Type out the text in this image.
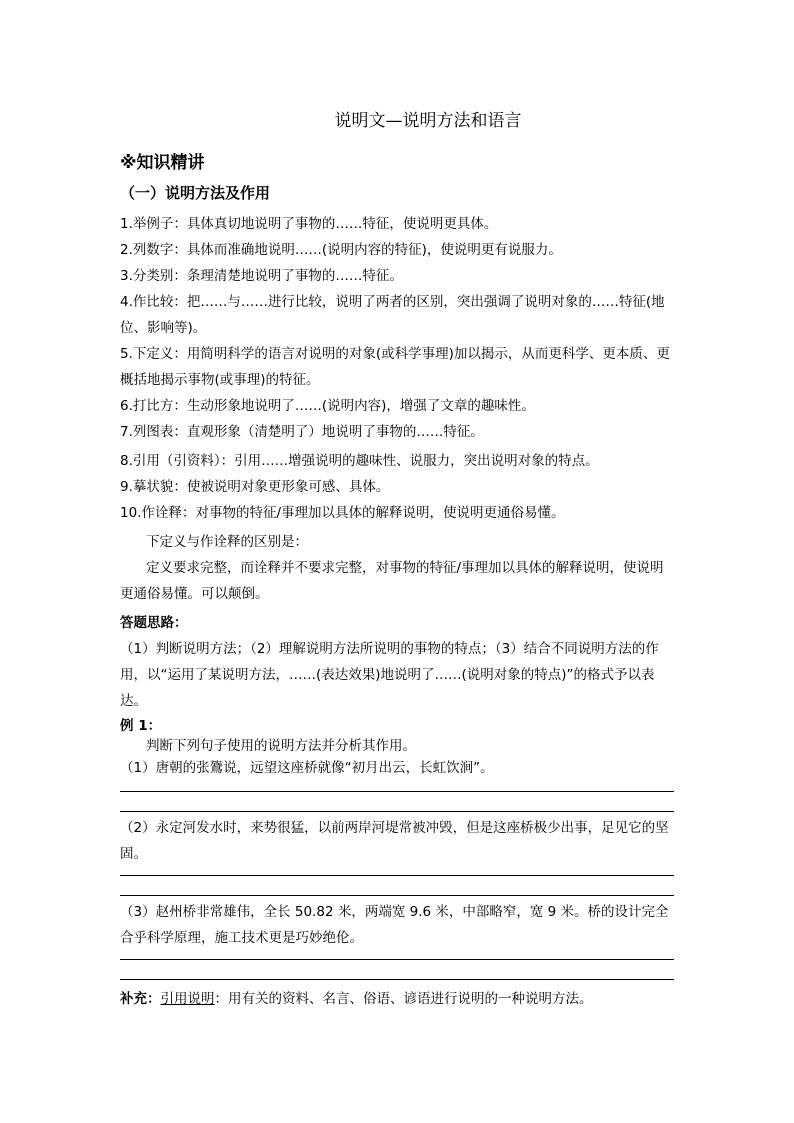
说明文—说明方法和语言
※知识精讲
（一）说明方法及作用
1.举例子：具体真切地说明了事物的……特征，使说明更具体。
2.列数字：具体而准确地说明……(说明内容的特征)，使说明更有说服力。
3.分类别：条理清楚地说明了事物的……特征。
4.作比较：把……与……进行比较，说明了两者的区别，突出强调了说明对象的……特征(地位、影响等)。
5.下定义：用简明科学的语言对说明的对象(或科学事理)加以揭示，从而更科学、更本质、更概括地揭示事物(或事理)的特征。
6.打比方：生动形象地说明了……(说明内容)，增强了文章的趣味性。
7.列图表：直观形象（清楚明了）地说明了事物的……特征。
8.引用（引资料）：引用……增强说明的趣味性、说服力，突出说明对象的特点。
9.摹状貌：使被说明对象更形象可感、具体。
10.作诠释：对事物的特征/事理加以具体的解释说明，使说明更通俗易懂。
下定义与作诠释的区别是：
定义要求完整，而诠释并不要求完整，对事物的特征/事理加以具体的解释说明，使说明更通俗易懂。可以颠倒。
答题思路：
（1）判断说明方法；（2）理解说明方法所说明的事物的特点；（3）结合不同说明方法的作用，以“运用了某说明方法，……(表达效果)地说明了……(说明对象的特点)”的格式予以表达。
例 1：
判断下列句子使用的说明方法并分析其作用。
（1）唐朝的张鷟说，远望这座桥就像“初月出云，长虹饮涧”。
（2）永定河发水时，来势很猛，以前两岸河堤常被冲毁，但是这座桥极少出事，足见它的坚固。
（3）赵州桥非常雄伟，全长 50.82 米，两端宽 9.6 米，中部略窄，宽 9 米。桥的设计完全合乎科学原理，施工技术更是巧妙绝伦。
补充：引用说明：用有关的资料、名言、俗语、谚语进行说明的一种说明方法。
